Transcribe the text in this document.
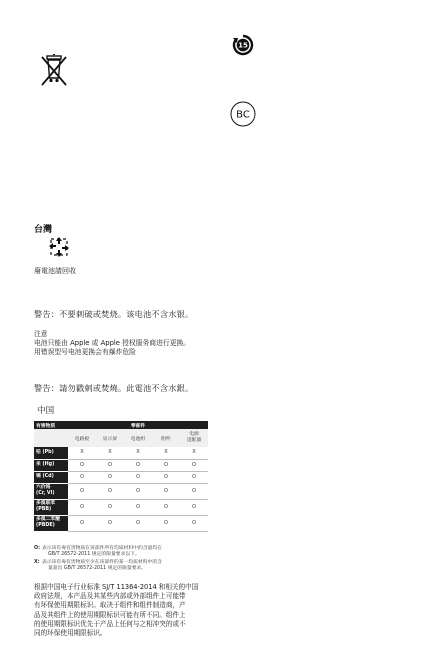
15
BC
台灣
廢電池請回收
警告：不要刺破或焚烧。该电池不含水银。
注意
电池只能由 Apple 或 Apple 授权服务商进行更换。
用错误型号电池更换会有爆炸危险
警告：請勿戳刺或焚燒。此電池不含水銀。
中国
有害物质	零部件				
	电路板	显示屏	电池组	附件	电源
适配器
铅 (Pb)	X	X	X	X	X
汞 (Hg)	O	O	O	O	O
镉 (Cd)	O	O	O	O	O
六价铬
(Cr, VI)	O	O	O	O	O
多溴联苯
(PBB)	O	O	O	O	O
多溴二苯醚
(PBDE)	O	O	O	O	O
O: 表示该有毒有害物质在该部件所有均质材料中的含量均在
GB/T 26572-2011 规定的限量要求以下。
X: 表示该有毒有害物质至少在该部件的某一均质材料中的含
量超出 GB/T 26572-2011 规定的限量要求。
根据中国电子行业标准 SJ/T 11364-2014 和相关的中国
政府法规，本产品及其某些内部或外部组件上可能带
有环保使用期限标识。取决于组件和组件制造商，产
品及其组件上的使用期限标识可能有所不同。组件上
的使用期限标识优先于产品上任何与之相冲突的或不
同的环保使用期限标识。
